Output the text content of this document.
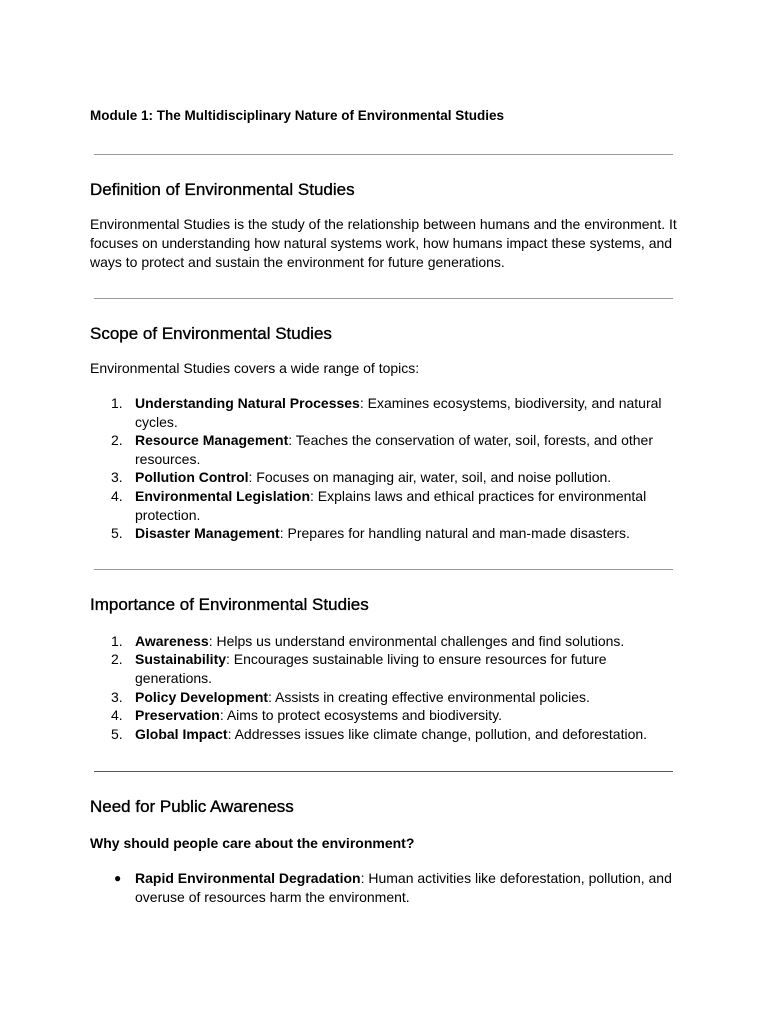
Module 1: The Multidisciplinary Nature of Environmental Studies

Definition of Environmental Studies

Environmental Studies is the study of the relationship between humans and the environment. It focuses on understanding how natural systems work, how humans impact these systems, and ways to protect and sustain the environment for future generations.

Scope of Environmental Studies

Environmental Studies covers a wide range of topics:

1. Understanding Natural Processes: Examines ecosystems, biodiversity, and natural cycles.
2. Resource Management: Teaches the conservation of water, soil, forests, and other resources.
3. Pollution Control: Focuses on managing air, water, soil, and noise pollution.
4. Environmental Legislation: Explains laws and ethical practices for environmental protection.
5. Disaster Management: Prepares for handling natural and man-made disasters.
Importance of Environmental Studies
1. Awareness: Helps us understand environmental challenges and find solutions.
2. Sustainability: Encourages sustainable living to ensure resources for future generations.
3. Policy Development: Assists in creating effective environmental policies.
4. Preservation: Aims to protect ecosystems and biodiversity.
5. Global Impact: Addresses issues like climate change, pollution, and deforestation.
Need for Public Awareness

Why should people care about the environment?

● Rapid Environmental Degradation: Human activities like deforestation, pollution, and overuse of resources harm the environment.
